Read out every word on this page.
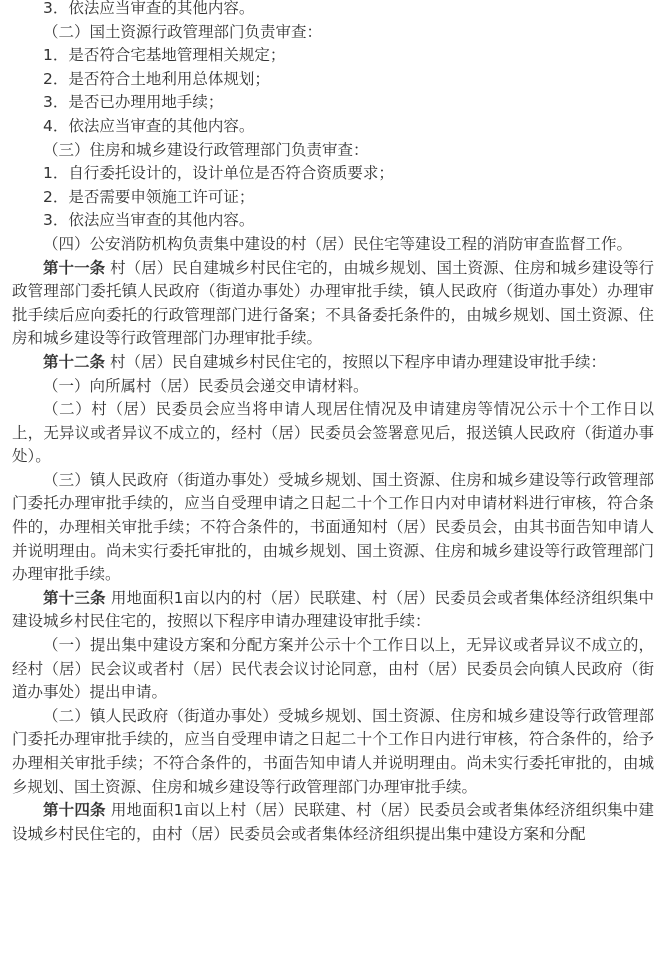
3．依法应当审查的其他内容。

（二）国土资源行政管理部门负责审查：

1．是否符合宅基地管理相关规定；

2．是否符合土地利用总体规划；

3．是否已办理用地手续；

4．依法应当审查的其他内容。

（三）住房和城乡建设行政管理部门负责审查：

1．自行委托设计的，设计单位是否符合资质要求；

2．是否需要申领施工许可证；

3．依法应当审查的其他内容。

（四）公安消防机构负责集中建设的村（居）民住宅等建设工程的消防审查监督工作。

第十一条 村（居）民自建城乡村民住宅的，由城乡规划、国土资源、住房和城乡建设等行政管理部门委托镇人民政府（街道办事处）办理审批手续，镇人民政府（街道办事处）办理审批手续后应向委托的行政管理部门进行备案；不具备委托条件的，由城乡规划、国土资源、住房和城乡建设等行政管理部门办理审批手续。

第十二条 村（居）民自建城乡村民住宅的，按照以下程序申请办理建设审批手续：

（一）向所属村（居）民委员会递交申请材料。

（二）村（居）民委员会应当将申请人现居住情况及申请建房等情况公示十个工作日以上，无异议或者异议不成立的，经村（居）民委员会签署意见后，报送镇人民政府（街道办事处）。

（三）镇人民政府（街道办事处）受城乡规划、国土资源、住房和城乡建设等行政管理部门委托办理审批手续的，应当自受理申请之日起二十个工作日内对申请材料进行审核，符合条件的，办理相关审批手续；不符合条件的，书面通知村（居）民委员会，由其书面告知申请人并说明理由。尚未实行委托审批的，由城乡规划、国土资源、住房和城乡建设等行政管理部门办理审批手续。

第十三条 用地面积1亩以内的村（居）民联建、村（居）民委员会或者集体经济组织集中建设城乡村民住宅的，按照以下程序申请办理建设审批手续：

（一）提出集中建设方案和分配方案并公示十个工作日以上，无异议或者异议不成立的，经村（居）民会议或者村（居）民代表会议讨论同意，由村（居）民委员会向镇人民政府（街道办事处）提出申请。

（二）镇人民政府（街道办事处）受城乡规划、国土资源、住房和城乡建设等行政管理部门委托办理审批手续的，应当自受理申请之日起二十个工作日内进行审核，符合条件的，给予办理相关审批手续；不符合条件的，书面告知申请人并说明理由。尚未实行委托审批的，由城乡规划、国土资源、住房和城乡建设等行政管理部门办理审批手续。

第十四条 用地面积1亩以上村（居）民联建、村（居）民委员会或者集体经济组织集中建设城乡村民住宅的，由村（居）民委员会或者集体经济组织提出集中建设方案和分配
